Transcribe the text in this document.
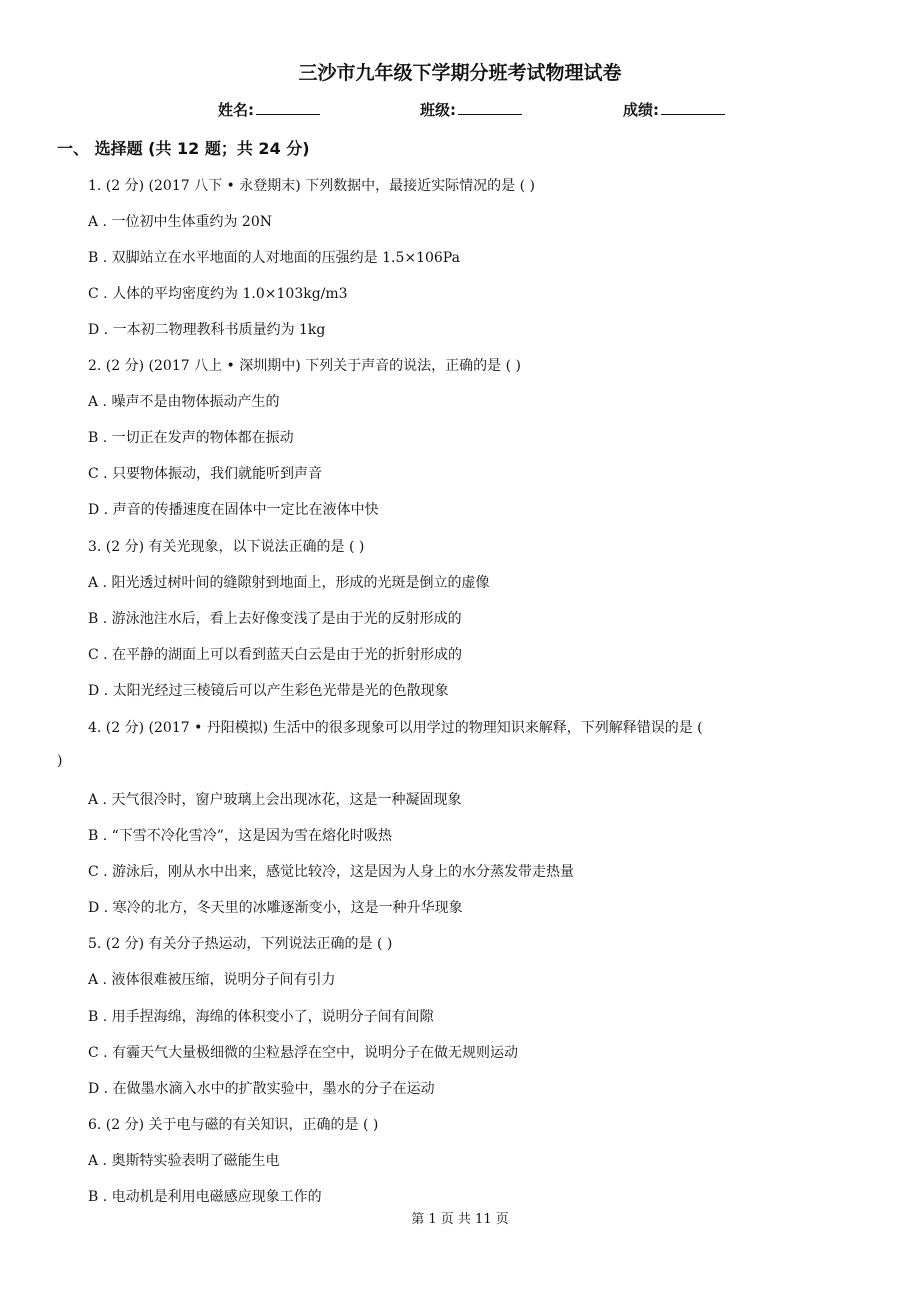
三沙市九年级下学期分班考试物理试卷
姓名:	班级:	成绩:
一、 选择题 (共 12 题；共 24 分)
1. (2 分) (2017 八下 • 永登期末) 下列数据中，最接近实际情况的是 ( )
A . 一位初中生体重约为 20N
B . 双脚站立在水平地面的人对地面的压强约是 1.5×106Pa
C . 人体的平均密度约为 1.0×103kg/m3
D . 一本初二物理教科书质量约为 1kg
2. (2 分) (2017 八上 • 深圳期中) 下列关于声音的说法，正确的是 ( )
A . 噪声不是由物体振动产生的
B . 一切正在发声的物体都在振动
C . 只要物体振动，我们就能听到声音
D . 声音的传播速度在固体中一定比在液体中快
3. (2 分) 有关光现象，以下说法正确的是 ( )
A . 阳光透过树叶间的缝隙射到地面上，形成的光斑是倒立的虚像
B . 游泳池注水后，看上去好像变浅了是由于光的反射形成的
C . 在平静的湖面上可以看到蓝天白云是由于光的折射形成的
D . 太阳光经过三棱镜后可以产生彩色光带是光的色散现象
4. (2 分) (2017 • 丹阳模拟) 生活中的很多现象可以用学过的物理知识来解释，下列解释错误的是 (
)
A . 天气很冷时，窗户玻璃上会出现冰花，这是一种凝固现象
B . “下雪不冷化雪冷”，这是因为雪在熔化时吸热
C . 游泳后，刚从水中出来，感觉比较冷，这是因为人身上的水分蒸发带走热量
D . 寒冷的北方，冬天里的冰雕逐渐变小，这是一种升华现象
5. (2 分) 有关分子热运动，下列说法正确的是 ( )
A . 液体很难被压缩，说明分子间有引力
B . 用手捏海绵，海绵的体积变小了，说明分子间有间隙
C . 有霾天气大量极细微的尘粒悬浮在空中，说明分子在做无规则运动
D . 在做墨水滴入水中的扩散实验中，墨水的分子在运动
6. (2 分) 关于电与磁的有关知识，正确的是 ( )
A . 奥斯特实验表明了磁能生电
B . 电动机是利用电磁感应现象工作的
第 1 页 共 11 页
